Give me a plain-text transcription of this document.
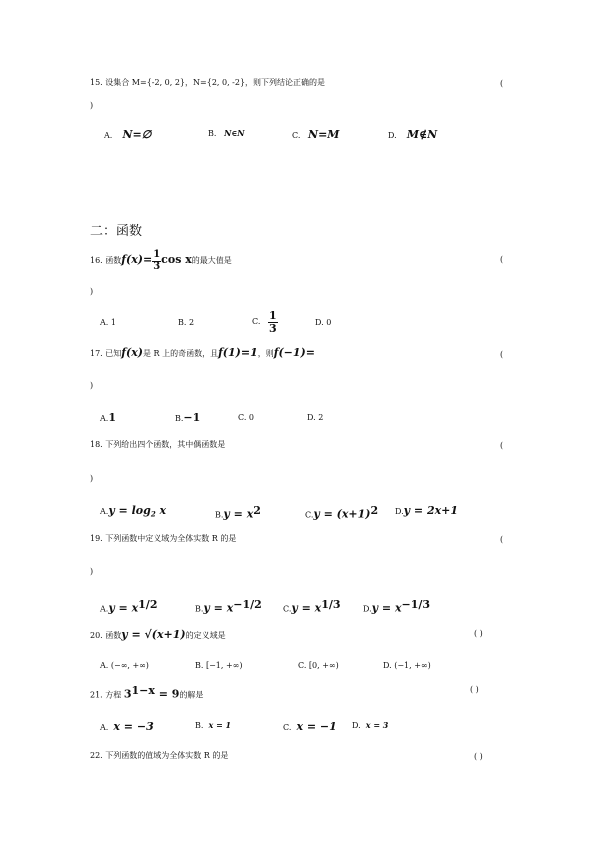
15. 设集合 M={-2, 0, 2}，N={2, 0, -2}，则下列结论正确的是	(
)
A. N=∅	B. N∈N	C. N=M	D. M∉N
二：函数
16. 函数$f(x)= \frac{1}{3}$ cos x的最大值是	(
)
A. 1	B. 2	C. $\frac{1}{3}$	D. 0
17. 已知f(x)是 R 上的奇函数，且f(1)=1，则f(−1)=	(
)
A.1	B.−1	C. 0	D. 2
18. 下列给出四个函数，其中偶函数是	(
)
$A.y = \log_2 x$	$B.y = x^2$	$C.y = (x+1)^2$ D.y = 2x+1
19. 下列函数中定义域为全体实数 R 的是	(
)
$A.y = x^{1/2}$	$B.y = x^{-1/2}$	$C.y = x^{1/3}$	$D.y = x^{-1/3}$
20. 函数y = √(x+1)的定义域是	( )
A. (−∞, +∞)	B. [−1, +∞)	C. [0, +∞)	D. (−1, +∞)
21. 方程 $3^{1-x} = 9$的解是
( )
A. x = −3	B. x = 1	C. x = −1 D. x = 3
22. 下列函数的值域为全体实数 R 的是	( )
